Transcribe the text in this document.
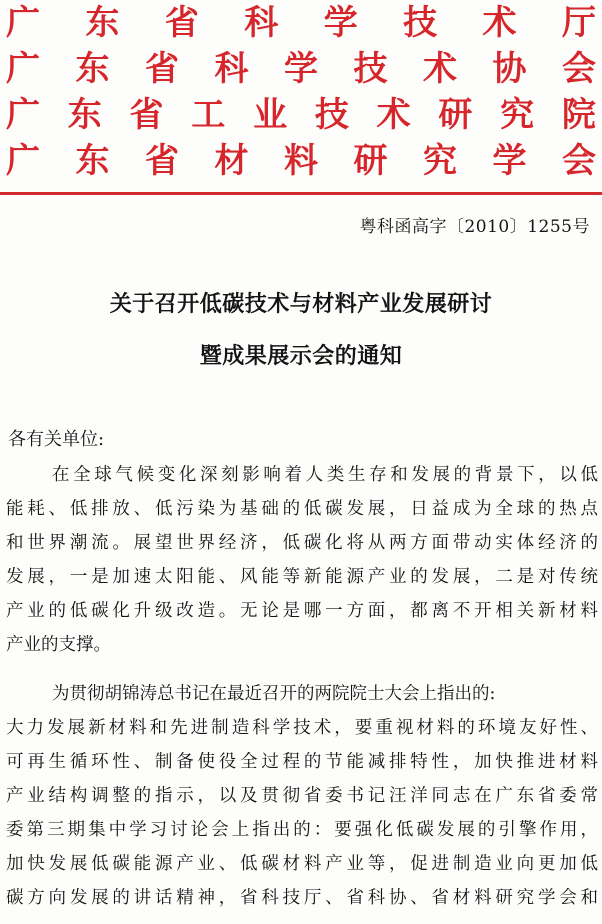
广 东 省 科 学 技 术 厅
广 东 省 科 学 技 术 协 会
广 东 省 工 业 技 术 研 究 院
广 东 省 材 料 研 究 学 会
粤科函高字〔2010〕1255号
关于召开低碳技术与材料产业发展研讨
暨成果展示会的通知
各有关单位:
在全球气候变化深刻影响着人类生存和发展的背景下，以低
能耗、低排放、低污染为基础的低碳发展，日益成为全球的热点
和世界潮流。展望世界经济，低碳化将从两方面带动实体经济的
发展，一是加速太阳能、风能等新能源产业的发展，二是对传统
产业的低碳化升级改造。无论是哪一方面，都离不开相关新材料
产业的支撑。
为贯彻胡锦涛总书记在最近召开的两院院士大会上指出的:
大力发展新材料和先进制造科学技术，要重视材料的环境友好性、
可再生循环性、制备使役全过程的节能减排特性，加快推进材料
产业结构调整的指示，以及贯彻省委书记汪洋同志在广东省委常
委第三期集中学习讨论会上指出的：要强化低碳发展的引擎作用，
加快发展低碳能源产业、低碳材料产业等，促进制造业向更加低
碳方向发展的讲话精神，省科技厅、省科协、省材料研究学会和
